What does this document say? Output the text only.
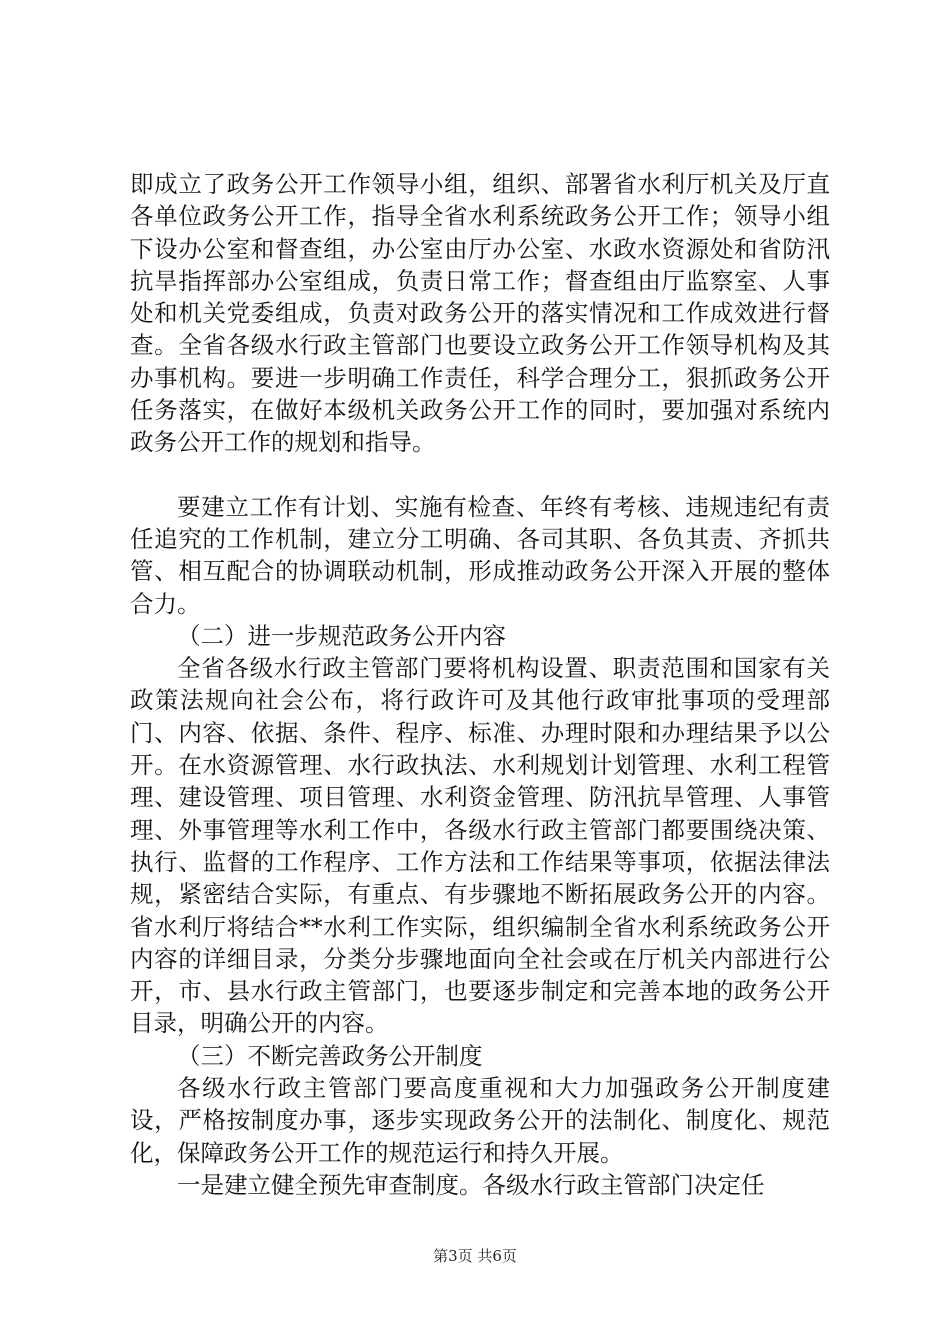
即成立了政务公开工作领导小组，组织、部署省水利厅机关及厅直各单位政务公开工作，指导全省水利系统政务公开工作；领导小组下设办公室和督查组，办公室由厅办公室、水政水资源处和省防汛抗旱指挥部办公室组成，负责日常工作；督查组由厅监察室、人事处和机关党委组成，负责对政务公开的落实情况和工作成效进行督查。全省各级水行政主管部门也要设立政务公开工作领导机构及其办事机构。要进一步明确工作责任，科学合理分工，狠抓政务公开任务落实，在做好本级机关政务公开工作的同时，要加强对系统内政务公开工作的规划和指导。

要建立工作有计划、实施有检查、年终有考核、违规违纪有责任追究的工作机制，建立分工明确、各司其职、各负其责、齐抓共管、相互配合的协调联动机制，形成推动政务公开深入开展的整体合力。

（二）进一步规范政务公开内容

全省各级水行政主管部门要将机构设置、职责范围和国家有关政策法规向社会公布，将行政许可及其他行政审批事项的受理部门、内容、依据、条件、程序、标准、办理时限和办理结果予以公开。在水资源管理、水行政执法、水利规划计划管理、水利工程管理、建设管理、项目管理、水利资金管理、防汛抗旱管理、人事管理、外事管理等水利工作中，各级水行政主管部门都要围绕决策、执行、监督的工作程序、工作方法和工作结果等事项，依据法律法规，紧密结合实际，有重点、有步骤地不断拓展政务公开的内容。省水利厅将结合**水利工作实际，组织编制全省水利系统政务公开内容的详细目录，分类分步骤地面向全社会或在厅机关内部进行公开，市、县水行政主管部门，也要逐步制定和完善本地的政务公开目录，明确公开的内容。

（三）不断完善政务公开制度

各级水行政主管部门要高度重视和大力加强政务公开制度建设，严格按制度办事，逐步实现政务公开的法制化、制度化、规范化，保障政务公开工作的规范运行和持久开展。

一是建立健全预先审查制度。各级水行政主管部门决定任

第3页 共6页
